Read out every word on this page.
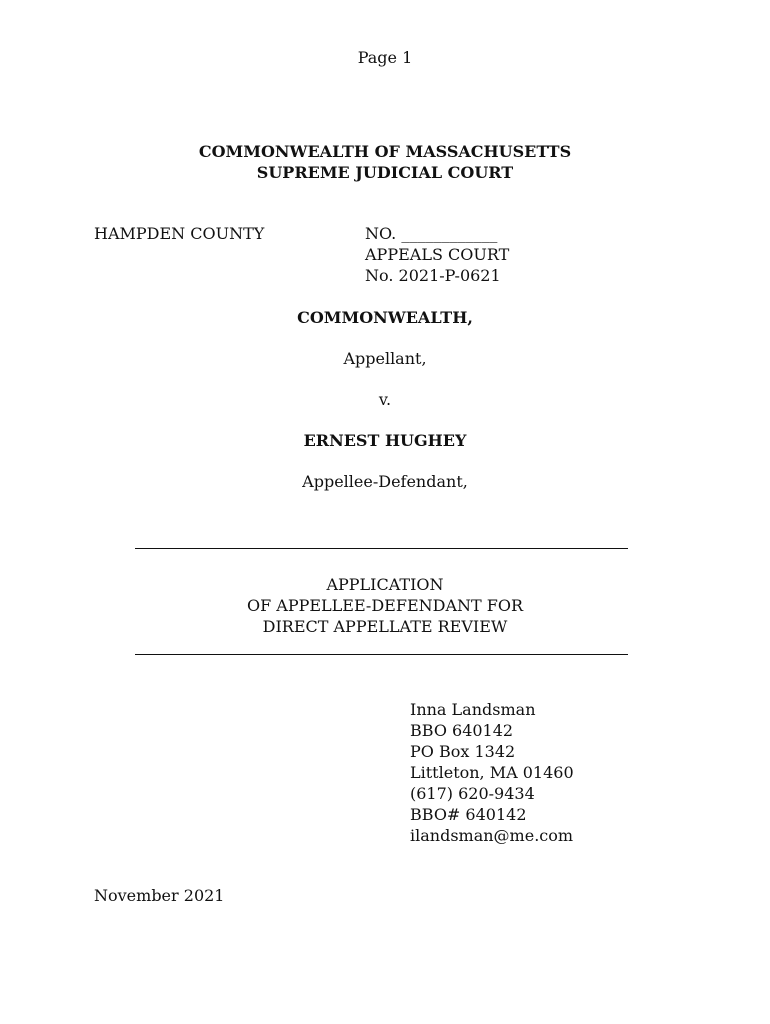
Page 1
COMMONWEALTH OF MASSACHUSETTS
SUPREME JUDICIAL COURT
HAMPDEN COUNTY	NO. ____________
APPEALS COURT
No. 2021-P-0621
COMMONWEALTH,
Appellant,
v.
ERNEST HUGHEY
Appellee-Defendant,
APPLICATION
OF APPELLEE-DEFENDANT FOR
DIRECT APPELLATE REVIEW
Inna Landsman
BBO 640142
PO Box 1342
Littleton, MA 01460
(617) 620-9434
BBO# 640142
ilandsman@me.com
November 2021
